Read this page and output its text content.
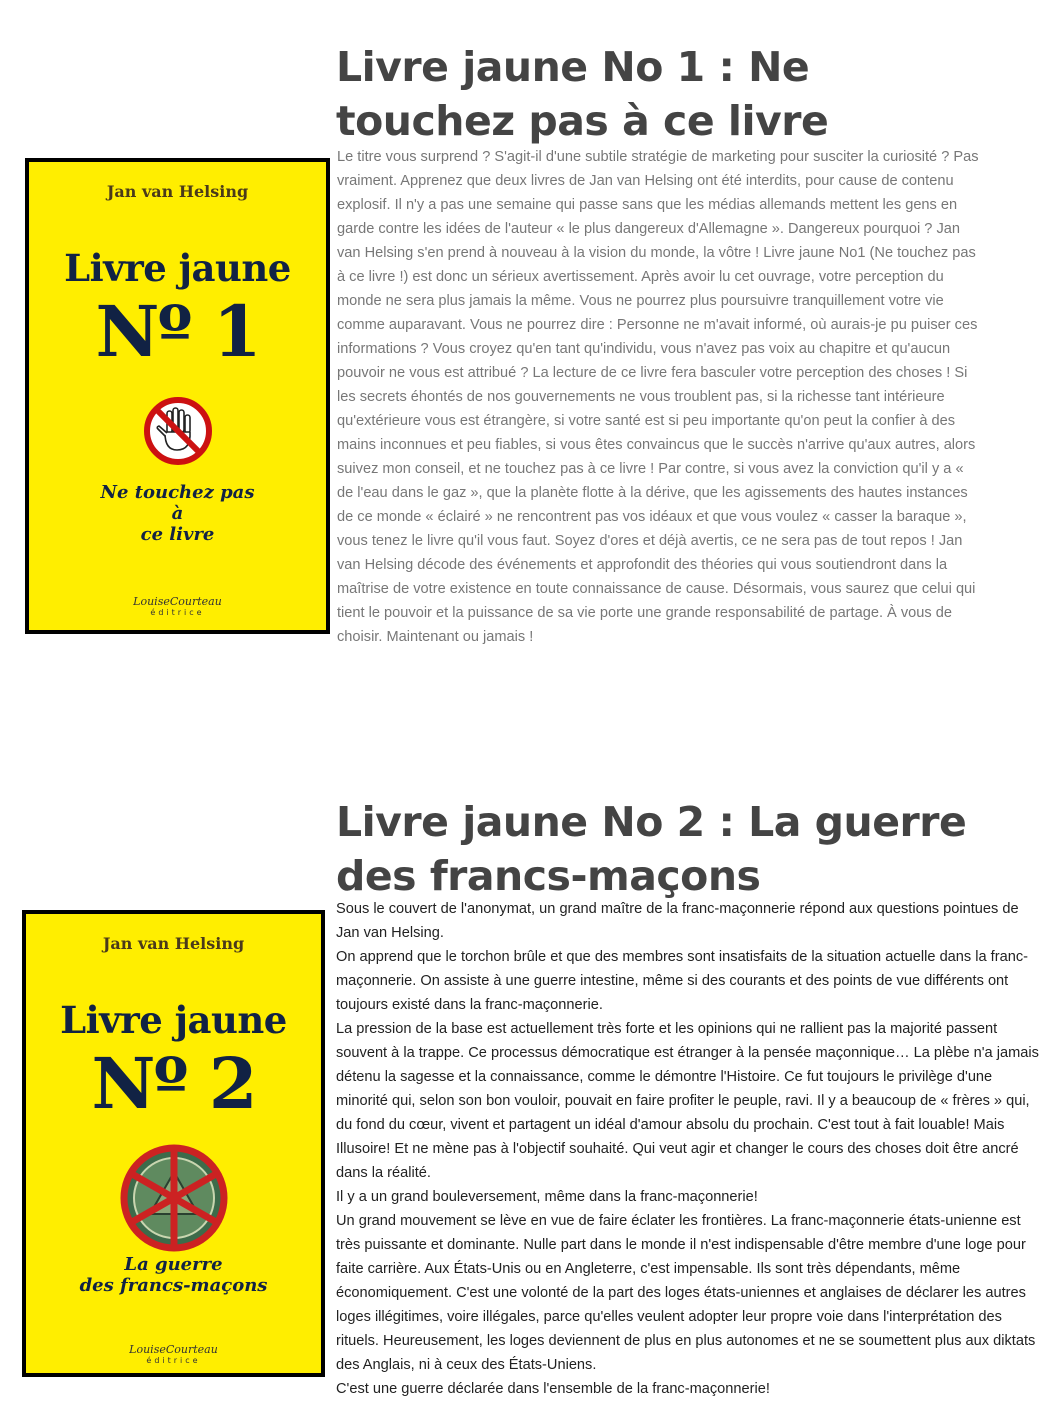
Jan van Helsing
Livre jaune
Nº 1
Ne touchez pas
à
ce livre
LouiseCourteau
éditrice
Livre jaune No 1 : Ne touchez pas à ce livre

Le titre vous surprend ? S'agit-il d'une subtile stratégie de marketing pour susciter la curiosité ? Pas vraiment. Apprenez que deux livres de Jan van Helsing ont été interdits, pour cause de contenu explosif. Il n'y a pas une semaine qui passe sans que les médias allemands mettent les gens en garde contre les idées de l'auteur « le plus dangereux d'Allemagne ». Dangereux pourquoi ? Jan van Helsing s'en prend à nouveau à la vision du monde, la vôtre ! Livre jaune No1 (Ne touchez pas à ce livre !) est donc un sérieux avertissement. Après avoir lu cet ouvrage, votre perception du monde ne sera plus jamais la même. Vous ne pourrez plus poursuivre tranquillement votre vie comme auparavant. Vous ne pourrez dire : Personne ne m'avait informé, où aurais-je pu puiser ces informations ? Vous croyez qu'en tant qu'individu, vous n'avez pas voix au chapitre et qu'aucun pouvoir ne vous est attribué ? La lecture de ce livre fera basculer votre perception des choses ! Si les secrets éhontés de nos gouvernements ne vous troublent pas, si la richesse tant intérieure qu'extérieure vous est étrangère, si votre santé est si peu importante qu'on peut la confier à des mains inconnues et peu fiables, si vous êtes convaincus que le succès n'arrive qu'aux autres, alors suivez mon conseil, et ne touchez pas à ce livre ! Par contre, si vous avez la conviction qu'il y a « de l'eau dans le gaz », que la planète flotte à la dérive, que les agissements des hautes instances de ce monde « éclairé » ne rencontrent pas vos idéaux et que vous voulez « casser la baraque », vous tenez le livre qu'il vous faut. Soyez d'ores et déjà avertis, ce ne sera pas de tout repos ! Jan van Helsing décode des événements et approfondit des théories qui vous soutiendront dans la maîtrise de votre existence en toute connaissance de cause. Désormais, vous saurez que celui qui tient le pouvoir et la puissance de sa vie porte une grande responsabilité de partage. À vous de choisir. Maintenant ou jamais !

Jan van Helsing
Livre jaune
Nº 2
La guerre
des francs-maçons
LouiseCourteau
éditrice
Livre jaune No 2 : La guerre des francs-maçons

Sous le couvert de l'anonymat, un grand maître de la franc-maçonnerie répond aux questions pointues de Jan van Helsing.

On apprend que le torchon brûle et que des membres sont insatisfaits de la situation actuelle dans la franc-maçonnerie. On assiste à une guerre intestine, même si des courants et des points de vue différents ont toujours existé dans la franc-maçonnerie.

La pression de la base est actuellement très forte et les opinions qui ne rallient pas la majorité passent souvent à la trappe. Ce processus démocratique est étranger à la pensée maçonnique… La plèbe n'a jamais détenu la sagesse et la connaissance, comme le démontre l'Histoire. Ce fut toujours le privilège d'une minorité qui, selon son bon vouloir, pouvait en faire profiter le peuple, ravi. Il y a beaucoup de « frères » qui, du fond du cœur, vivent et partagent un idéal d'amour absolu du prochain. C'est tout à fait louable! Mais Illusoire! Et ne mène pas à l'objectif souhaité. Qui veut agir et changer le cours des choses doit être ancré dans la réalité.

Il y a un grand bouleversement, même dans la franc-maçonnerie!

Un grand mouvement se lève en vue de faire éclater les frontières. La franc-maçonnerie états-unienne est très puissante et dominante. Nulle part dans le monde il n'est indispensable d'être membre d'une loge pour faite carrière. Aux États-Unis ou en Angleterre, c'est impensable. Ils sont très dépendants, même économiquement. C'est une volonté de la part des loges états-uniennes et anglaises de déclarer les autres loges illégitimes, voire illégales, parce qu'elles veulent adopter leur propre voie dans l'interprétation des rituels. Heureusement, les loges deviennent de plus en plus autonomes et ne se soumettent plus aux diktats des Anglais, ni à ceux des États-Uniens.

C'est une guerre déclarée dans l'ensemble de la franc-maçonnerie!
